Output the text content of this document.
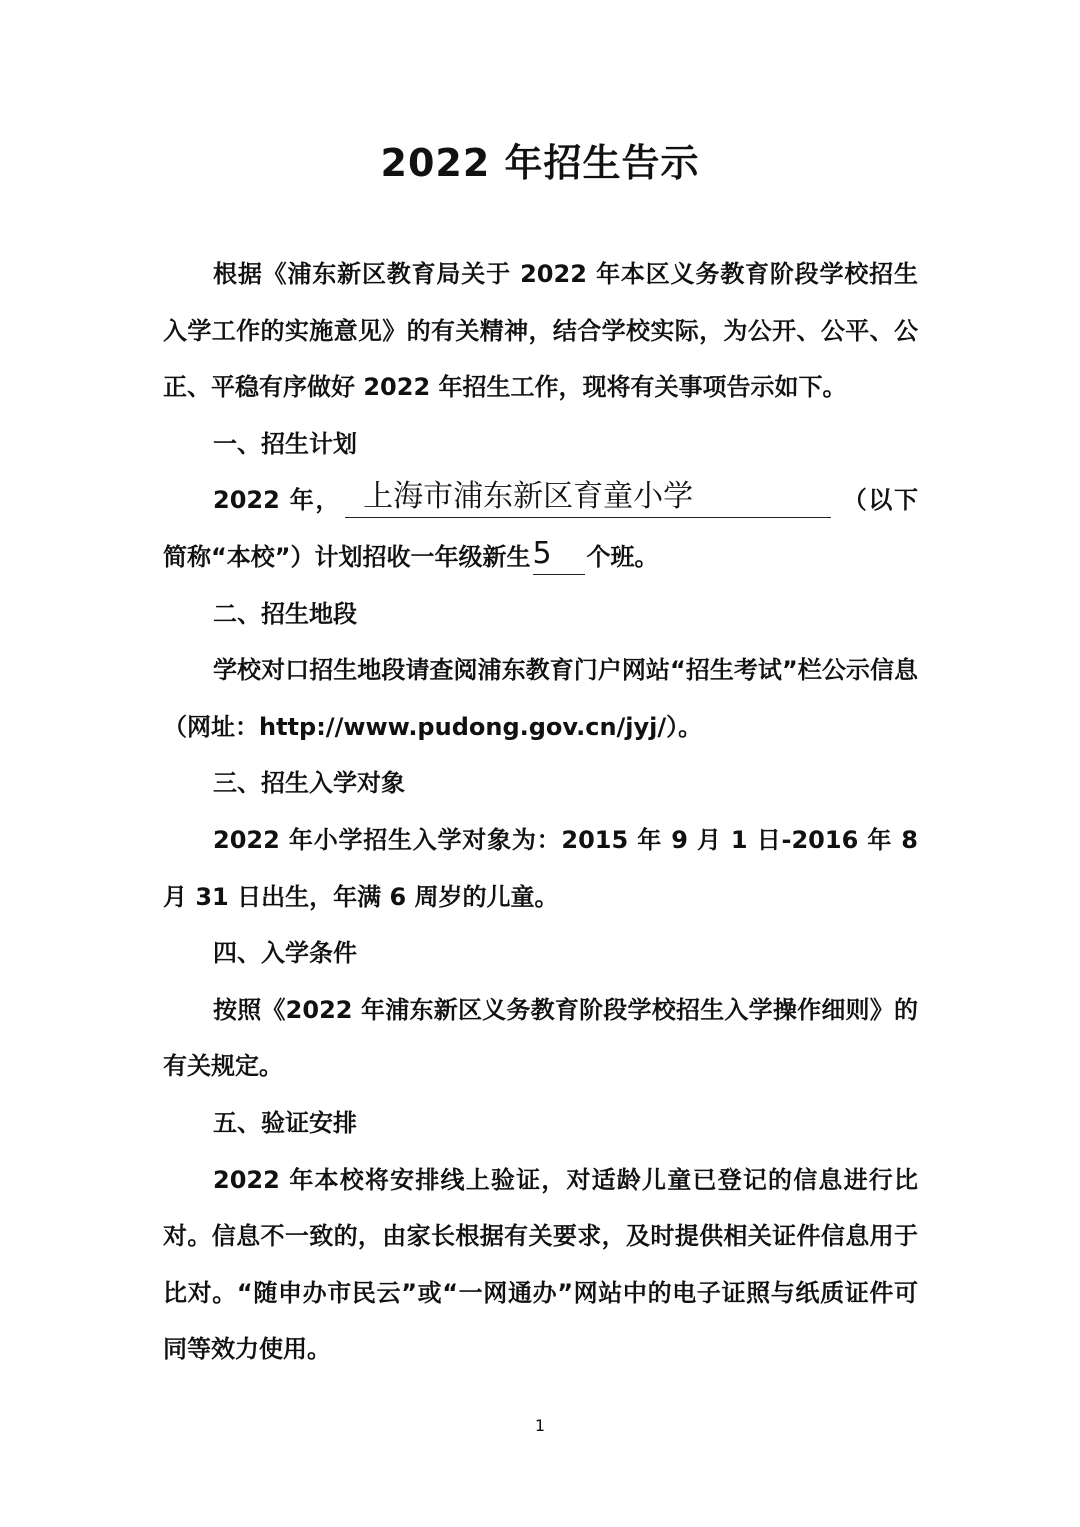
2022 年招生告示

根据《浦东新区教育局关于 2022 年本区义务教育阶段学校招生入学工作的实施意见》的有关精神，结合学校实际，为公开、公平、公正、平稳有序做好 2022 年招生工作，现将有关事项告示如下。

一、招生计划

2022 年， 上海市浦东新区育童小学	（以下简称“本校”）计划招收一年级新生5 个班。

二、招生地段

学校对口招生地段请查阅浦东教育门户网站“招生考试”栏公示信息（网址：http://www.pudong.gov.cn/jyj/）。

三、招生入学对象

2022 年小学招生入学对象为：2015 年 9 月 1 日-2016 年 8 月 31 日出生，年满 6 周岁的儿童。

四、入学条件

按照《2022 年浦东新区义务教育阶段学校招生入学操作细则》的有关规定。

五、验证安排

2022 年本校将安排线上验证，对适龄儿童已登记的信息进行比对。信息不一致的，由家长根据有关要求，及时提供相关证件信息用于比对。“随申办市民云”或“一网通办”网站中的电子证照与纸质证件可同等效力使用。

1
